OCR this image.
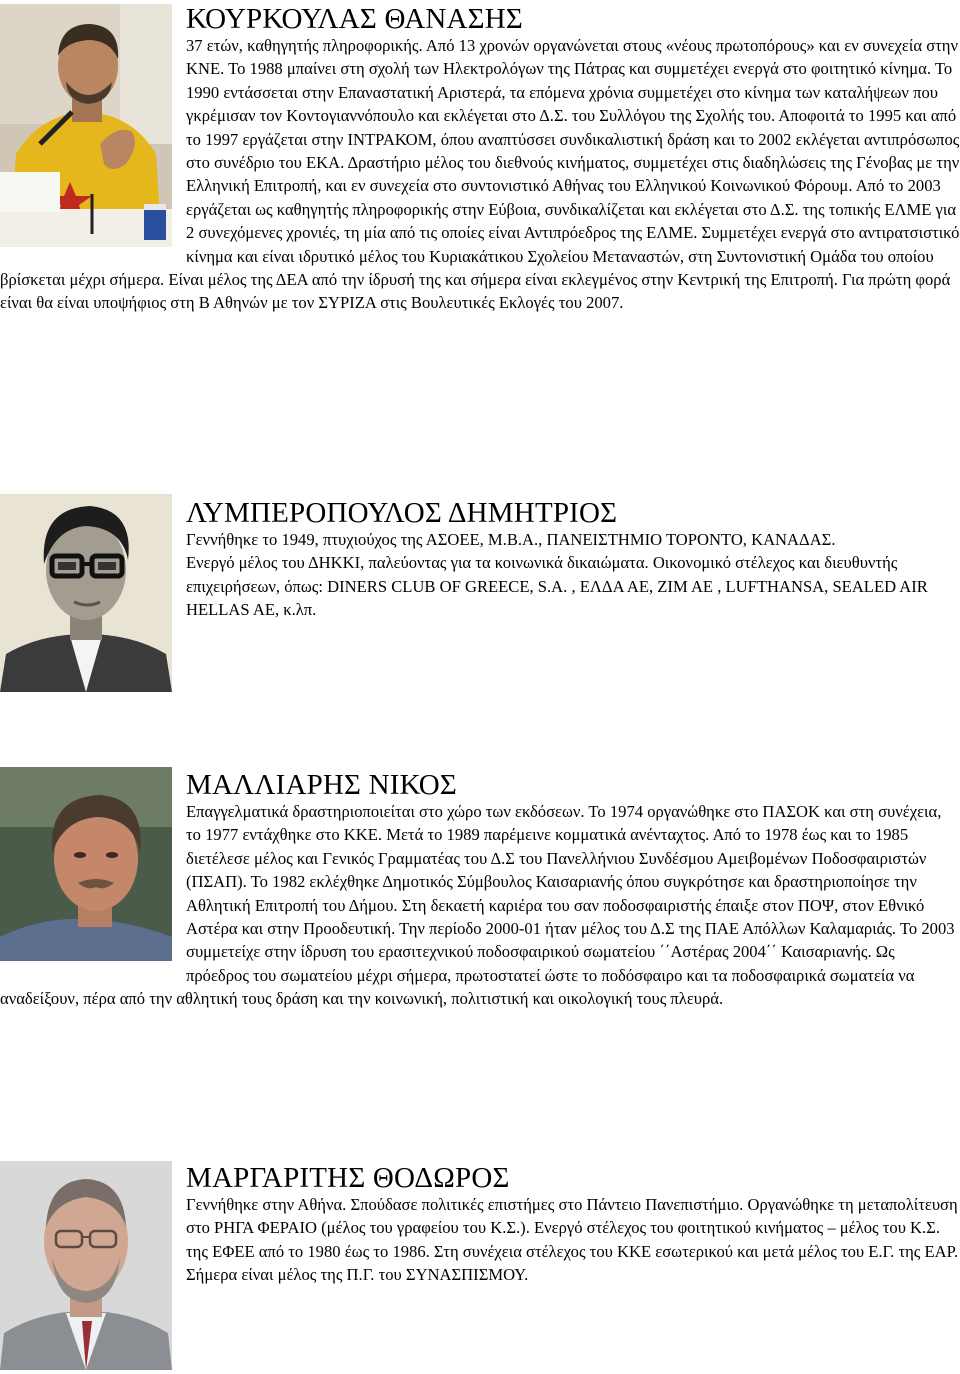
ΚΟΥΡΚΟΥΛΑΣ ΘΑΝΑΣΗΣ

37 ετών, καθηγητής πληροφορικής. Από 13 χρονών οργανώνεται στους «νέους πρωτοπόρους» και εν συνεχεία στην ΚΝΕ. Το 1988 μπαίνει στη σχολή των Ηλεκτρολόγων της Πάτρας και συμμετέχει ενεργά στο φοιτητικό κίνημα. Το 1990 εντάσσεται στην Επαναστατική Αριστερά, τα επόμενα χρόνια συμμετέχει στο κίνημα των καταλήψεων που γκρέμισαν τον Κοντογιαννόπουλο και εκλέγεται στο Δ.Σ. του Συλλόγου της Σχολής του. Αποφοιτά το 1995 και από το 1997 εργάζεται στην ΙΝΤΡΑΚΟΜ, όπου αναπτύσσει συνδικαλιστική δράση και το 2002 εκλέγεται αντιπρόσωπος στο συνέδριο του ΕΚΑ. Δραστήριο μέλος του διεθνούς κινήματος, συμμετέχει στις διαδηλώσεις της Γένοβας με την Ελληνική Επιτροπή, και εν συνεχεία στο συντονιστικό Αθήνας του Ελληνικού Κοινωνικού Φόρουμ. Από το 2003 εργάζεται ως καθηγητής πληροφορικής στην Εύβοια, συνδικαλίζεται και εκλέγεται στο Δ.Σ. της τοπικής ΕΛΜΕ για 2 συνεχόμενες χρονιές, τη μία από τις οποίες είναι Αντιπρόεδρος της ΕΛΜΕ. Συμμετέχει ενεργά στο αντιρατσιστικό κίνημα και είναι ιδρυτικό μέλος του Κυριακάτικου Σχολείου Μεταναστών, στη Συντονιστική Ομάδα του οποίου βρίσκεται μέχρι σήμερα. Είναι μέλος της ΔΕΑ από την ίδρυσή της και σήμερα είναι εκλεγμένος στην Κεντρική της Επιτροπή. Για πρώτη φορά είναι θα είναι υποψήφιος στη Β Αθηνών με τον ΣΥΡΙΖΑ στις Βουλευτικές Εκλογές του 2007.

ΛΥΜΠΕΡΟΠΟΥΛΟΣ ΔΗΜΗΤΡΙΟΣ

Γεννήθηκε το 1949, πτυχιούχος της ΑΣΟΕΕ, Μ.Β.Α., ΠΑΝΕΙΣΤΗΜΙΟ ΤΟΡΟΝΤΟ, ΚΑΝΑΔΑΣ.

Ενεργό μέλος του ΔΗΚΚΙ, παλεύοντας για τα κοινωνικά δικαιώματα. Οικονομικό στέλεχος και διευθυντής επιχειρήσεων, όπως: DINERS CLUB OF GREECE, S.A. , ΕΛΔΑ ΑΕ, ΖΙΜ ΑΕ , LUFTHANSA, SEALED AIR HELLAS AE, κ.λπ.

ΜΑΛΛΙΑΡΗΣ ΝΙΚΟΣ

Επαγγελματικά δραστηριοποιείται στο χώρο των εκδόσεων. Το 1974 οργανώθηκε στο ΠΑΣΟΚ και στη συνέχεια, το 1977 εντάχθηκε στο ΚΚΕ. Μετά το 1989 παρέμεινε κομματικά ανένταχτος. Από το 1978 έως και το 1985 διετέλεσε μέλος και Γενικός Γραμματέας του Δ.Σ του Πανελλήνιου Συνδέσμου Αμειβομένων Ποδοσφαιριστών (ΠΣΑΠ). Το 1982 εκλέχθηκε Δημοτικός Σύμβουλος Καισαριανής όπου συγκρότησε και δραστηριοποίησε την Αθλητική Επιτροπή του Δήμου. Στη δεκαετή καριέρα του σαν ποδοσφαιριστής έπαιξε στον ΠΟΨ, στον Εθνικό Αστέρα και στην Προοδευτική. Την περίοδο 2000-01 ήταν μέλος του Δ.Σ της ΠΑΕ Απόλλων Καλαμαριάς. Το 2003 συμμετείχε στην ίδρυση του ερασιτεχνικού ποδοσφαιρικού σωματείου ΄΄Αστέρας 2004΄΄ Καισαριανής. Ως πρόεδρος του σωματείου μέχρι σήμερα, πρωτοστατεί ώστε το ποδόσφαιρο και τα ποδοσφαιρικά σωματεία να αναδείξουν, πέρα από την αθλητική τους δράση και την κοινωνική, πολιτιστική και οικολογική τους πλευρά.

ΜΑΡΓΑΡΙΤΗΣ ΘΟΔΩΡΟΣ

Γεννήθηκε στην Αθήνα. Σπούδασε πολιτικές επιστήμες στο Πάντειο Πανεπιστήμιο. Οργανώθηκε τη μεταπολίτευση στο ΡΗΓΑ ΦΕΡΑΙΟ (μέλος του γραφείου του Κ.Σ.). Ενεργό στέλεχος του φοιτητικού κινήματος – μέλος του Κ.Σ. της ΕΦΕΕ από το 1980 έως το 1986. Στη συνέχεια στέλεχος του ΚΚΕ εσωτερικού και μετά μέλος του Ε.Γ. της ΕΑΡ. Σήμερα είναι μέλος της Π.Γ. του ΣΥΝΑΣΠΙΣΜΟΥ.
